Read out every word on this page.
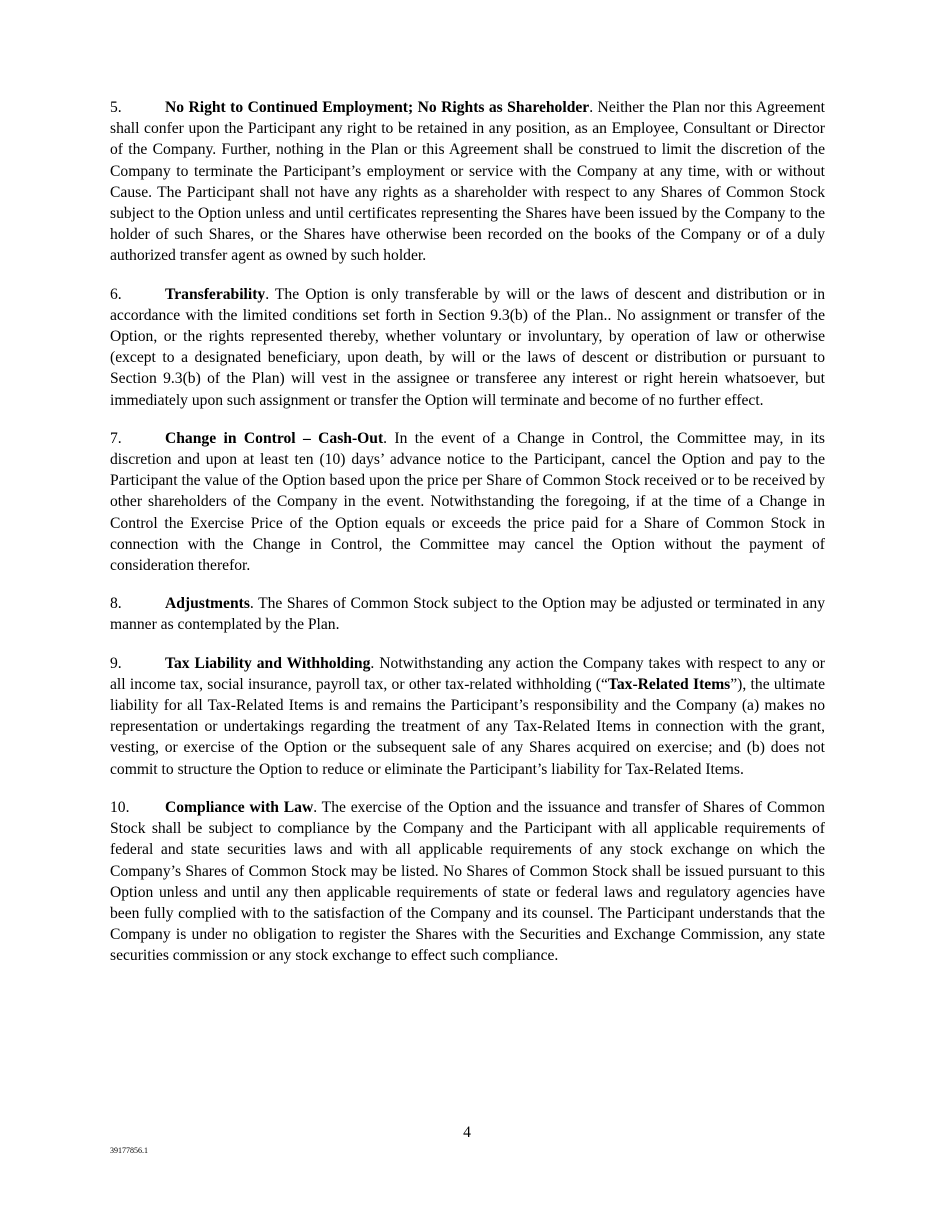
5.	No Right to Continued Employment; No Rights as Shareholder. Neither the Plan nor this Agreement shall confer upon the Participant any right to be retained in any position, as an Employee, Consultant or Director of the Company. Further, nothing in the Plan or this Agreement shall be construed to limit the discretion of the Company to terminate the Participant’s employment or service with the Company at any time, with or without Cause. The Participant shall not have any rights as a shareholder with respect to any Shares of Common Stock subject to the Option unless and until certificates representing the Shares have been issued by the Company to the holder of such Shares, or the Shares have otherwise been recorded on the books of the Company or of a duly authorized transfer agent as owned by such holder.

6.	Transferability. The Option is only transferable by will or the laws of descent and distribution or in accordance with the limited conditions set forth in Section 9.3(b) of the Plan.. No assignment or transfer of the Option, or the rights represented thereby, whether voluntary or involuntary, by operation of law or otherwise (except to a designated beneficiary, upon death, by will or the laws of descent or distribution or pursuant to Section 9.3(b) of the Plan) will vest in the assignee or transferee any interest or right herein whatsoever, but immediately upon such assignment or transfer the Option will terminate and become of no further effect.

7.	Change in Control – Cash-Out. In the event of a Change in Control, the Committee may, in its discretion and upon at least ten (10) days’ advance notice to the Participant, cancel the Option and pay to the Participant the value of the Option based upon the price per Share of Common Stock received or to be received by other shareholders of the Company in the event. Notwithstanding the foregoing, if at the time of a Change in Control the Exercise Price of the Option equals or exceeds the price paid for a Share of Common Stock in connection with the Change in Control, the Committee may cancel the Option without the payment of consideration therefor.

8.	Adjustments. The Shares of Common Stock subject to the Option may be adjusted or terminated in any manner as contemplated by the Plan.

9.	Tax Liability and Withholding. Notwithstanding any action the Company takes with respect to any or all income tax, social insurance, payroll tax, or other tax-related withholding (“Tax-Related Items”), the ultimate liability for all Tax-Related Items is and remains the Participant’s responsibility and the Company (a) makes no representation or undertakings regarding the treatment of any Tax-Related Items in connection with the grant, vesting, or exercise of the Option or the subsequent sale of any Shares acquired on exercise; and (b) does not commit to structure the Option to reduce or eliminate the Participant’s liability for Tax-Related Items.

10. Compliance with Law. The exercise of the Option and the issuance and transfer of Shares of Common Stock shall be subject to compliance by the Company and the Participant with all applicable requirements of federal and state securities laws and with all applicable requirements of any stock exchange on which the Company’s Shares of Common Stock may be listed. No Shares of Common Stock shall be issued pursuant to this Option unless and until any then applicable requirements of state or federal laws and regulatory agencies have been fully complied with to the satisfaction of the Company and its counsel. The Participant understands that the Company is under no obligation to register the Shares with the Securities and Exchange Commission, any state securities commission or any stock exchange to effect such compliance.

4
39177856.1
